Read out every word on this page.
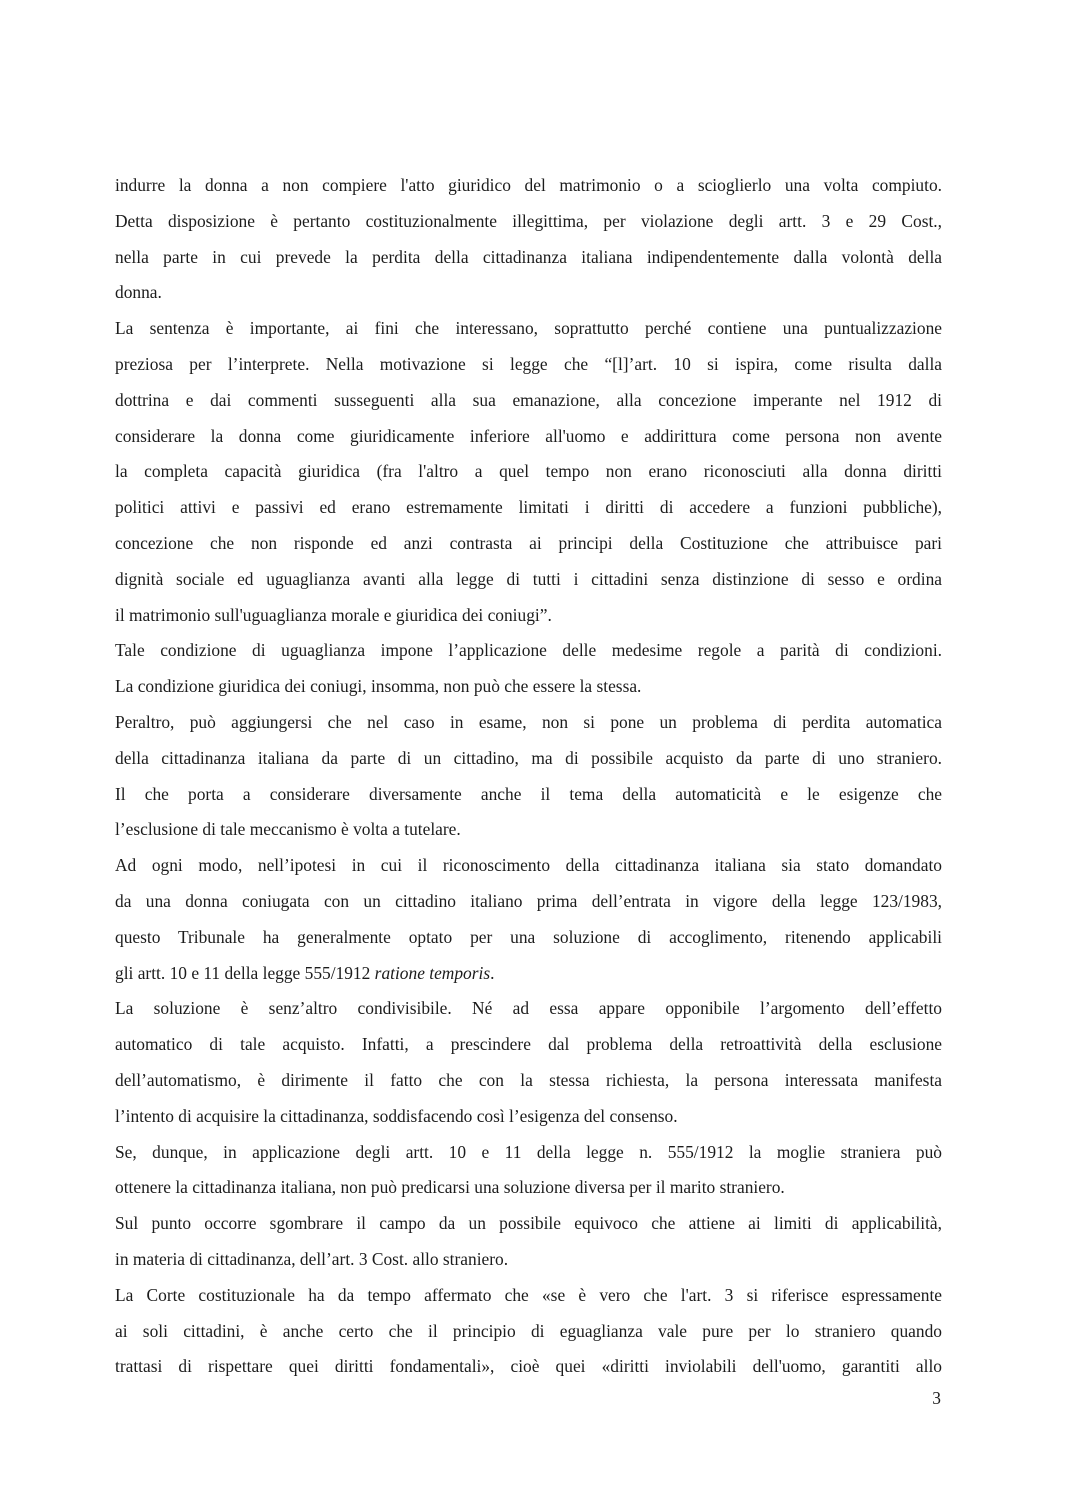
indurre la donna a non compiere l'atto giuridico del matrimonio o a scioglierlo una volta compiuto.
Detta disposizione è pertanto costituzionalmente illegittima, per violazione degli artt. 3 e 29 Cost.,
nella parte in cui prevede la perdita della cittadinanza italiana indipendentemente dalla volontà della
donna.
La sentenza è importante, ai fini che interessano, soprattutto perché contiene una puntualizzazione
preziosa per l’interprete. Nella motivazione si legge che “[l]’art. 10 si ispira, come risulta dalla
dottrina e dai commenti susseguenti alla sua emanazione, alla concezione imperante nel 1912 di
considerare la donna come giuridicamente inferiore all'uomo e addirittura come persona non avente
la completa capacità giuridica (fra l'altro a quel tempo non erano riconosciuti alla donna diritti
politici attivi e passivi ed erano estremamente limitati i diritti di accedere a funzioni pubbliche),
concezione che non risponde ed anzi contrasta ai principi della Costituzione che attribuisce pari
dignità sociale ed uguaglianza avanti alla legge di tutti i cittadini senza distinzione di sesso e ordina
il matrimonio sull'uguaglianza morale e giuridica dei coniugi”.
Tale condizione di uguaglianza impone l’applicazione delle medesime regole a parità di condizioni.
La condizione giuridica dei coniugi, insomma, non può che essere la stessa.
Peraltro, può aggiungersi che nel caso in esame, non si pone un problema di perdita automatica
della cittadinanza italiana da parte di un cittadino, ma di possibile acquisto da parte di uno straniero.
Il che porta a considerare diversamente anche il tema della automaticità e le esigenze che
l’esclusione di tale meccanismo è volta a tutelare.
Ad ogni modo, nell’ipotesi in cui il riconoscimento della cittadinanza italiana sia stato domandato
da una donna coniugata con un cittadino italiano prima dell’entrata in vigore della legge 123/1983,
questo Tribunale ha generalmente optato per una soluzione di accoglimento, ritenendo applicabili
gli artt. 10 e 11 della legge 555/1912 ratione temporis.
La soluzione è senz’altro condivisibile. Né ad essa appare opponibile l’argomento dell’effetto
automatico di tale acquisto. Infatti, a prescindere dal problema della retroattività della esclusione
dell’automatismo, è dirimente il fatto che con la stessa richiesta, la persona interessata manifesta
l’intento di acquisire la cittadinanza, soddisfacendo così l’esigenza del consenso.
Se, dunque, in applicazione degli artt. 10 e 11 della legge n. 555/1912 la moglie straniera può
ottenere la cittadinanza italiana, non può predicarsi una soluzione diversa per il marito straniero.
Sul punto occorre sgombrare il campo da un possibile equivoco che attiene ai limiti di applicabilità,
in materia di cittadinanza, dell’art. 3 Cost. allo straniero.
La Corte costituzionale ha da tempo affermato che «se è vero che l'art. 3 si riferisce espressamente
ai soli cittadini, è anche certo che il principio di eguaglianza vale pure per lo straniero quando
trattasi di rispettare quei diritti fondamentali», cioè quei «diritti inviolabili dell'uomo, garantiti allo
3
